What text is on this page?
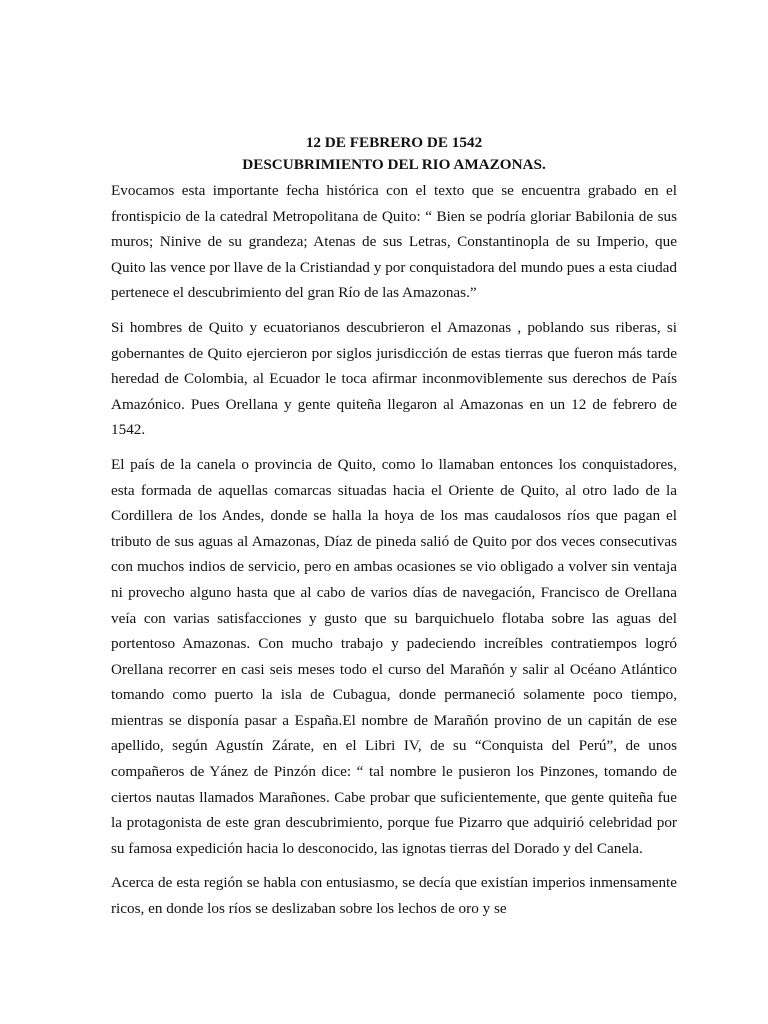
12 DE FEBRERO DE 1542

DESCUBRIMIENTO DEL RIO AMAZONAS.

Evocamos esta importante fecha histórica con el texto que se encuentra grabado en el frontispicio de la catedral Metropolitana de Quito: “ Bien se podría gloriar Babilonia de sus muros; Ninive de su grandeza; Atenas de sus Letras, Constantinopla de su Imperio, que Quito las vence por llave de la Cristiandad y por conquistadora del mundo pues a esta ciudad pertenece el descubrimiento del gran Río de las Amazonas.”

Si hombres de Quito y ecuatorianos descubrieron el Amazonas , poblando sus riberas, si gobernantes de Quito ejercieron por siglos jurisdicción de estas tierras que fueron más tarde heredad de Colombia, al Ecuador le toca afirmar inconmoviblemente sus derechos de País Amazónico. Pues Orellana y gente quiteña llegaron al Amazonas en un 12 de febrero de 1542.

El país de la canela o provincia de Quito, como lo llamaban entonces los conquistadores, esta formada de aquellas comarcas situadas hacia el Oriente de Quito, al otro lado de la Cordillera de los Andes, donde se halla la hoya de los mas caudalosos ríos que pagan el tributo de sus aguas al Amazonas, Díaz de pineda salió de Quito por dos veces consecutivas con muchos indios de servicio, pero en ambas ocasiones se vio obligado a volver sin ventaja ni provecho alguno hasta que al cabo de varios días de navegación, Francisco de Orellana veía con varias satisfacciones y gusto que su barquichuelo flotaba sobre las aguas del portentoso Amazonas. Con mucho trabajo y padeciendo increíbles contratiempos logró Orellana recorrer en casi seis meses todo el curso del Marañón y salir al Océano Atlántico tomando como puerto la isla de Cubagua, donde permaneció solamente poco tiempo, mientras se disponía pasar a España.El nombre de Marañón provino de un capitán de ese apellido, según Agustín Zárate, en el Libri IV, de su “Conquista del Perú”, de unos compañeros de Yánez de Pinzón dice: “ tal nombre le pusieron los Pinzones, tomando de ciertos nautas llamados Marañones. Cabe probar que suficientemente, que gente quiteña fue la protagonista de este gran descubrimiento, porque fue Pizarro que adquirió celebridad por su famosa expedición hacia lo desconocido, las ignotas tierras del Dorado y del Canela.

Acerca de esta región se habla con entusiasmo, se decía que existían imperios inmensamente ricos, en donde los ríos se deslizaban sobre los lechos de oro y se
